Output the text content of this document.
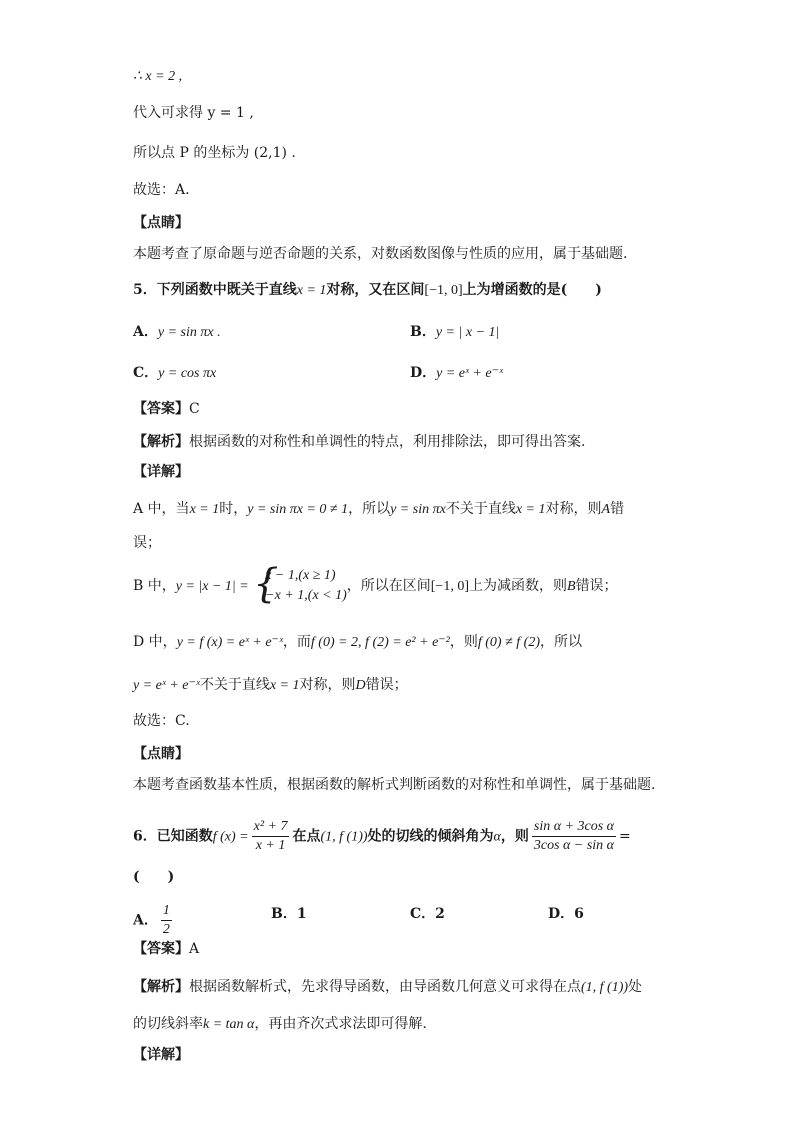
∴ x = 2 ,
代入可求得 y = 1 ,
所以点 P 的坐标为 (2,1) .
故选：A.
【点睛】
本题考查了原命题与逆否命题的关系，对数函数图像与性质的应用，属于基础题.
5．下列函数中既关于直线x = 1对称，又在区间[−1, 0]上为增函数的是(　　)
A．y = sin πx .	B．y = | x − 1|
C．y = cos πx	D．y = eˣ + e⁻ˣ
【答案】C
【解析】根据函数的对称性和单调性的特点，利用排除法，即可得出答案.
【详解】
A 中，当x = 1时，y = sin πx = 0 ≠ 1，所以y = sin πx不关于直线x = 1对称，则A错
误；
B 中，y = |x − 1| = {
x − 1,(x ≥ 1)
−x + 1,(x < 1)
，所以在区间[−1, 0]上为减函数，则B错误；
D 中，y = f (x) = eˣ + e⁻ˣ，而f (0) = 2, f (2) = e² + e⁻²，则f (0) ≠ f (2)，所以
y = eˣ + e⁻ˣ不关于直线x = 1对称，则D错误；
故选：C.
【点睛】
本题考查函数基本性质，根据函数的解析式判断函数的对称性和单调性，属于基础题.
6．已知函数f $(x) = \frac{\text{x² + 7}}{x + 1}$ 在点(1, f (1))处的切线的倾斜角为α，则 $\frac{\text{sin α + 3cos α}}{\text{3cos α − sin α}}$ =
(　　)
A． $\frac{1}{2}$	B．1	C．2	D．6
【答案】A
【解析】根据函数解析式，先求得导函数，由导函数几何意义可求得在点(1, f (1))处
的切线斜率k = tan α，再由齐次式求法即可得解.
【详解】
